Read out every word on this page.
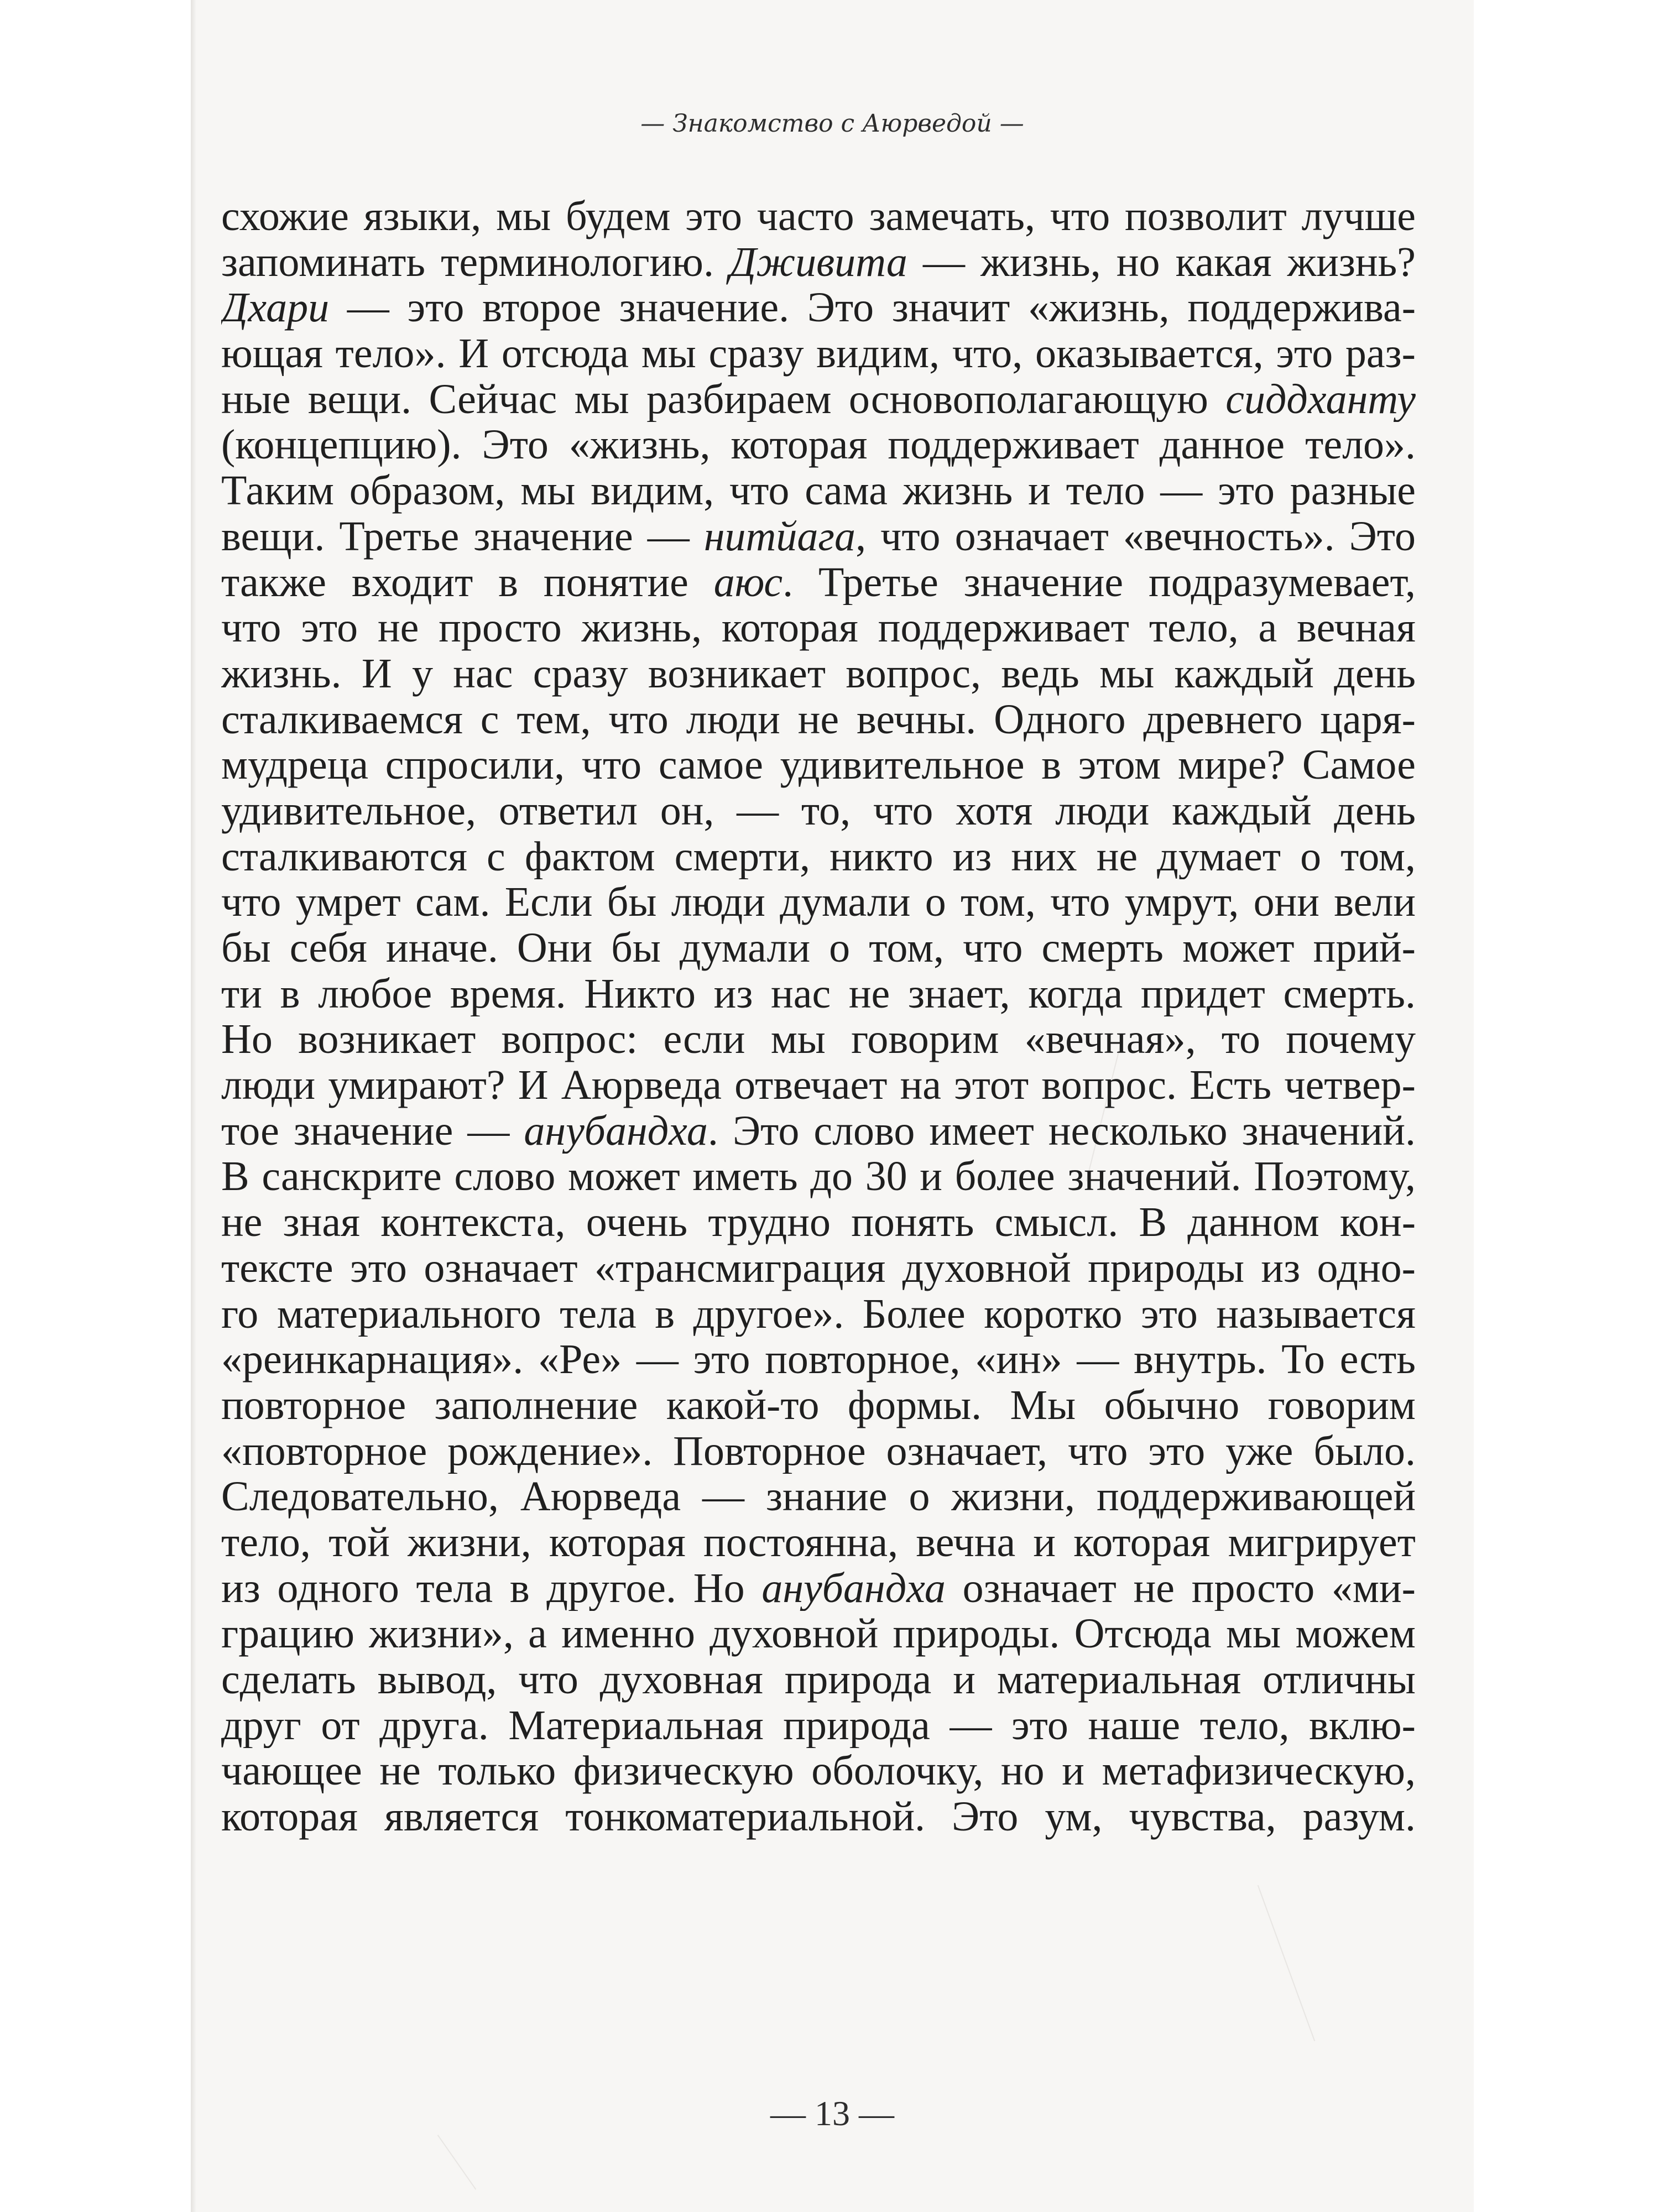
— Знакомство с Аюрведой —
схожие языки, мы будем это часто замечать, что позволит лучше
запоминать терминологию. Дживита — жизнь, но какая жизнь?
Дхари — это второе значение. Это значит «жизнь, поддержива-
ющая тело». И отсюда мы сразу видим, что, оказывается, это раз-
ные вещи. Сейчас мы разбираем основополагающую сиддханту
(концепцию). Это «жизнь, которая поддерживает данное тело».
Таким образом, мы видим, что сама жизнь и тело — это разные
вещи. Третье значение — нитйага, что означает «вечность». Это
также входит в понятие аюс. Третье значение подразумевает,
что это не просто жизнь, которая поддерживает тело, а вечная
жизнь. И у нас сразу возникает вопрос, ведь мы каждый день
сталкиваемся с тем, что люди не вечны. Одного древнего царя-
мудреца спросили, что самое удивительное в этом мире? Самое
удивительное, ответил он, — то, что хотя люди каждый день
сталкиваются с фактом смерти, никто из них не думает о том,
что умрет сам. Если бы люди думали о том, что умрут, они вели
бы себя иначе. Они бы думали о том, что смерть может прий-
ти в любое время. Никто из нас не знает, когда придет смерть.
Но возникает вопрос: если мы говорим «вечная», то почему
люди умирают? И Аюрведа отвечает на этот вопрос. Есть четвер-
тое значение — анубандха. Это слово имеет несколько значений.
В санскрите слово может иметь до 30 и более значений. Поэтому,
не зная контекста, очень трудно понять смысл. В данном кон-
тексте это означает «трансмиграция духовной природы из одно-
го материального тела в другое». Более коротко это называется
«реинкарнация». «Ре» — это повторное, «ин» — внутрь. То есть
повторное заполнение какой-то формы. Мы обычно говорим
«повторное рождение». Повторное означает, что это уже было.
Следовательно, Аюрведа — знание о жизни, поддерживающей
тело, той жизни, которая постоянна, вечна и которая мигрирует
из одного тела в другое. Но анубандха означает не просто «ми-
грацию жизни», а именно духовной природы. Отсюда мы можем
сделать вывод, что духовная природа и материальная отличны
друг от друга. Материальная природа — это наше тело, вклю-
чающее не только физическую оболочку, но и метафизическую,
которая является тонкоматериальной. Это ум, чувства, разум.
— 13 —
